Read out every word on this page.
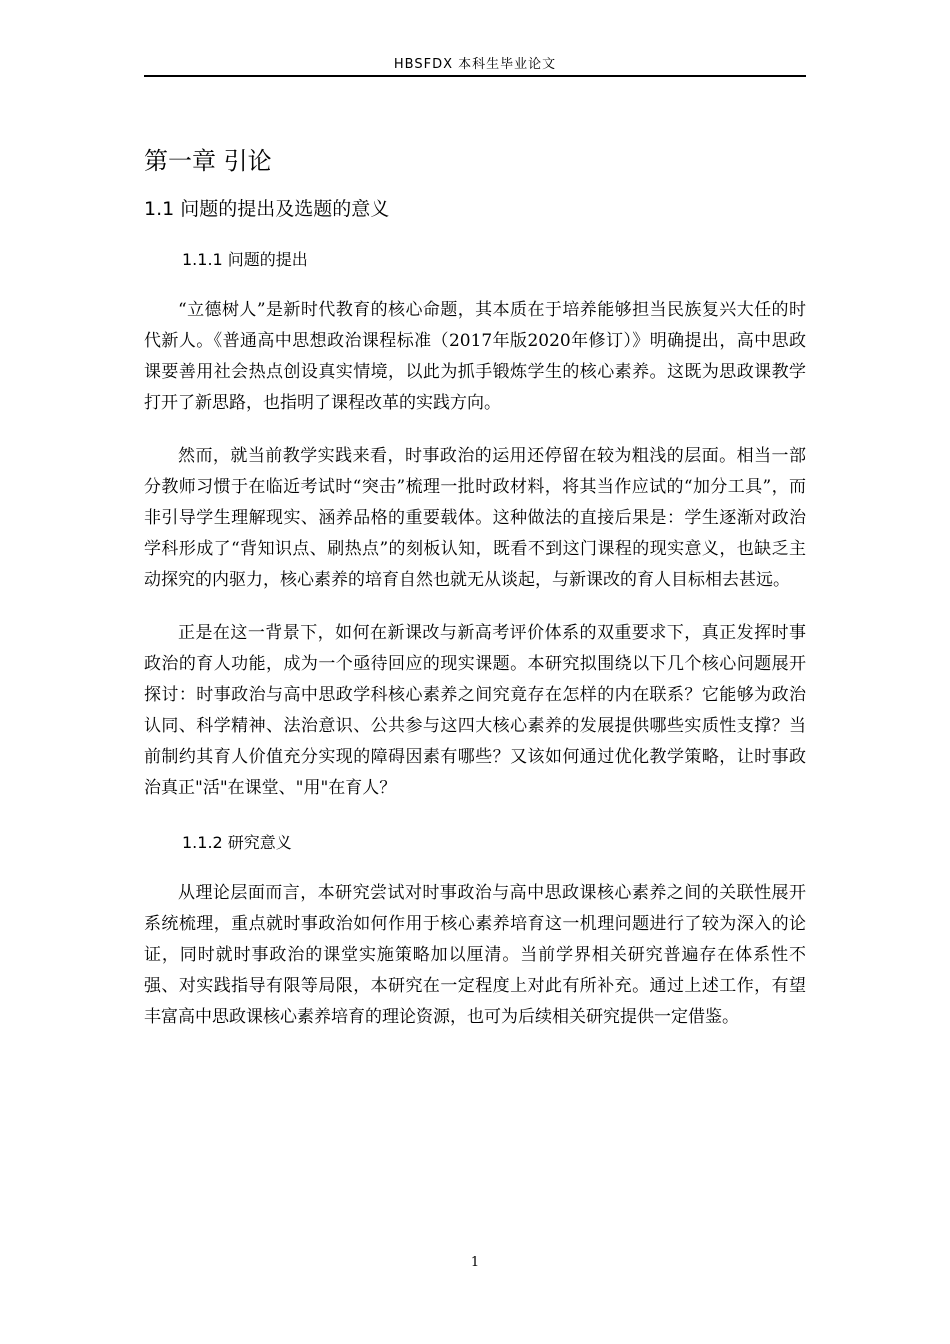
HBSFDX 本科生毕业论文
第一章 引论
1.1 问题的提出及选题的意义
1.1.1 问题的提出

“立德树人”是新时代教育的核心命题，其本质在于培养能够担当民族复兴大任的时代新人。《普通高中思想政治课程标准（2017年版2020年修订）》明确提出，高中思政课要善用社会热点创设真实情境，以此为抓手锻炼学生的核心素养。这既为思政课教学打开了新思路，也指明了课程改革的实践方向。

然而，就当前教学实践来看，时事政治的运用还停留在较为粗浅的层面。相当一部分教师习惯于在临近考试时“突击”梳理一批时政材料，将其当作应试的“加分工具”，而非引导学生理解现实、涵养品格的重要载体。这种做法的直接后果是：学生逐渐对政治学科形成了“背知识点、刷热点”的刻板认知，既看不到这门课程的现实意义，也缺乏主动探究的内驱力，核心素养的培育自然也就无从谈起，与新课改的育人目标相去甚远。

正是在这一背景下，如何在新课改与新高考评价体系的双重要求下，真正发挥时事政治的育人功能，成为一个亟待回应的现实课题。本研究拟围绕以下几个核心问题展开探讨：时事政治与高中思政学科核心素养之间究竟存在怎样的内在联系？它能够为政治认同、科学精神、法治意识、公共参与这四大核心素养的发展提供哪些实质性支撑？当前制约其育人价值充分实现的障碍因素有哪些？又该如何通过优化教学策略，让时事政治真正"活"在课堂、"用"在育人？

1.1.2 研究意义

从理论层面而言，本研究尝试对时事政治与高中思政课核心素养之间的关联性展开系统梳理，重点就时事政治如何作用于核心素养培育这一机理问题进行了较为深入的论证，同时就时事政治的课堂实施策略加以厘清。当前学界相关研究普遍存在体系性不强、对实践指导有限等局限，本研究在一定程度上对此有所补充。通过上述工作，有望丰富高中思政课核心素养培育的理论资源，也可为后续相关研究提供一定借鉴。

1
